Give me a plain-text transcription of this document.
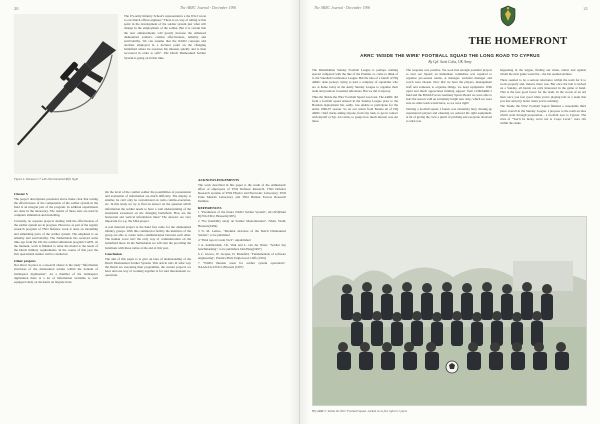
20	The ARRC Journal - December 1996
Figure 4. Diemaco C7 with Discriminated Rifle Sight

The US-army Infantry School's representative a the WG3 wrote to our Dutch officer-engineer "There is no way of telling at this point in the development of the soldier system just what will change in the employment of the soldier. But it is certain that the new enhancements will greatly increase the enhanced dismounted soldier's combat effectiveness, lethality and survivability. We can assume that the NATO concepts and doctrine employed in a decisive point on the changing battlefield where he executes his mission quickly and is then recovered in order to refit". The Dutch Dismounted Soldier System is going on in that time.

Cluster 5

The project descriptions presented above make clear that testing the effectiveness of the components of the soldier system in the field is an integral part of the program. In addition experiments are done in the laboratory. The results of these tests are used in computer simulation and modelling.

Currently, no separate projects dealing with the effectiveness of the soldier system are in progress. However, as part of the regular research program of TNO Defence work is done on modelling and simulating parts of the soldier system. The emphasis is on lethality and survivability. The Netherlands has received some time ago from the UK the combat simulation program CAEN. At the moment, work is finished to tailor the model to the needs of the Dutch military requirements. In the course of this year the first operational studies will be conducted.

Other projects

Not direct in place is a research cluster is the study "Information structures of the dismounted soldier within the domain of battlespace digitisation". As a member of the battlespace digitisation there is a lot of information available to well equipped study on decisions on brigade level.

On the level of the combat soldier the possibilities of presentation and evaluation of information are much difficulty. The display is smaller, he can't only be concentrated on radio comms-execution, etc. In this study we try to find an answer on the question which information the soldier needs to have a well understanding of the situational awareness on the changing battlefield. How are the horizontal and vertical information lines? The answers are very important for e.g. the SDA project.

A real material project is the hand free radio for the dismounted infantry groups. With this commercial facility the members of the group are able to create radio communication between each other. The human voice isn't the only way of communication on the battlefield more. In the Netherlands we will start the providing the battalions with these radios at the end of this year.

Conclusion

The aim of this paper is to give an idea of understanding of the Dutch Dismounted Soldier System. This article tells in what way the Dutch are executing their programme, the current projects we have and one way of working together is for said international co-operation.

ACKNOWLEDGEMENTS

The work described in this paper is the result of the enthusiastic effort of employees of TNO Defence Research, TNO Defence Research systems of TNO Physics and Electronic Laboratory, TNO Prins Maurits Laboratory and TNO Human Factors Research Institute.

REFERENCES
1 "Parameters of the future NATO Soldier System", AC/225(Panel II)/WG3/D/2, Brussels(1995)
2 "Pre feasibility study on Soldier Modernisation", NIAG SG49, Brussels(1994)
3 N. M. Lemos, "Modular structure of the Dutch Dismounted Soldier", to be published
4 "Final report Count TA 9", unpublished
5 A. Kohlberdam, J.K. Vink and L. van der Water, "Soldier day benchmarking", to be published. Den Haag(1997)
6 C. Glesco, W. Jacquet, D. Mansfeld, "Fundamentals of software engineering", Prentice Hall, Englewood Cliffs (1991)
7 "NATO mission areas for soldier system operations", NAAG/LG3/WG3, Brussels (1997)
The ARRC Journal - December 1996	21
THE HOMEFRONT
ARRC 'INSIDE THE WIRE' FOOTBALL SQUAD THE LONG ROAD TO CYPRUS
By Cpl. Scott Colss, UK Army

The Rheindahlen Sunday Football League is perhaps nothing special compared with the like of the Premier or, come to think of it, the Vauxhall Conference League. But the idea of a bunch of HQ ARRC desk jockeys trying to lead a company of squaddies who are at home today in the Army Sunday League to organise their team and promote it seemed ridiculous. But we did it anyway.

Thus the 'Inside the Wire' Football Squad was born. The ARRC did form a football squad entered in the Sunday League prior to the Bosnian deployment but, sadly, was unable to participate for the entire 1996-97 season. So on our return from Bosnia all of HQ ARRC chief clerks asking anyone, from any rank, to get in contact with myself or Sgt. Al Cairns, to gauge how much interest was out there.

The response was positive. We soon had enough potential players to start our Squad; an immediate committee was required to organise pre-season tennis. A manager, assistant manager and coach were chosen. Now that we have the players, management staff and someone to organise things, we need equipment. With rapid and much appreciated funding support from COMARRC's fund and the British Forces Germany Sports Board we were able to start the season with an extremely bright new strip, which we were sure no other team would have, so we were right!

Starting a football squad, I found, was extremely busy chasing up experienced players and ensuring we ordered the right equipment. A bit of giving the crew a pinch of pitching and everyone involved to what was

happening in the league, finding out when, where and against whom the next game would be... the list seemed endless.

There seemed to be a serious reluctance within the team for it to work properly and, indeed, there was. But once the ball is kicked on a Sunday, all hassle are only interested in the game at hand. That is the best good factor for the team. In the words of an old man 'once you feel good when you're playing ball as a team that you feel and play better when you're winning'.

The 'Inside the Wire' Football Squad finished a reasonable third place overall in the Sunday League. I propose to the team an idea which went through preparation... a football tour to Cyprus. The cries of "You'll be lucky, we're not at Crops Level," were rife within the ranks.

HQ ARRC's 'Inside the Wire' Football Squad—kicked on to fact right to Cyprus
